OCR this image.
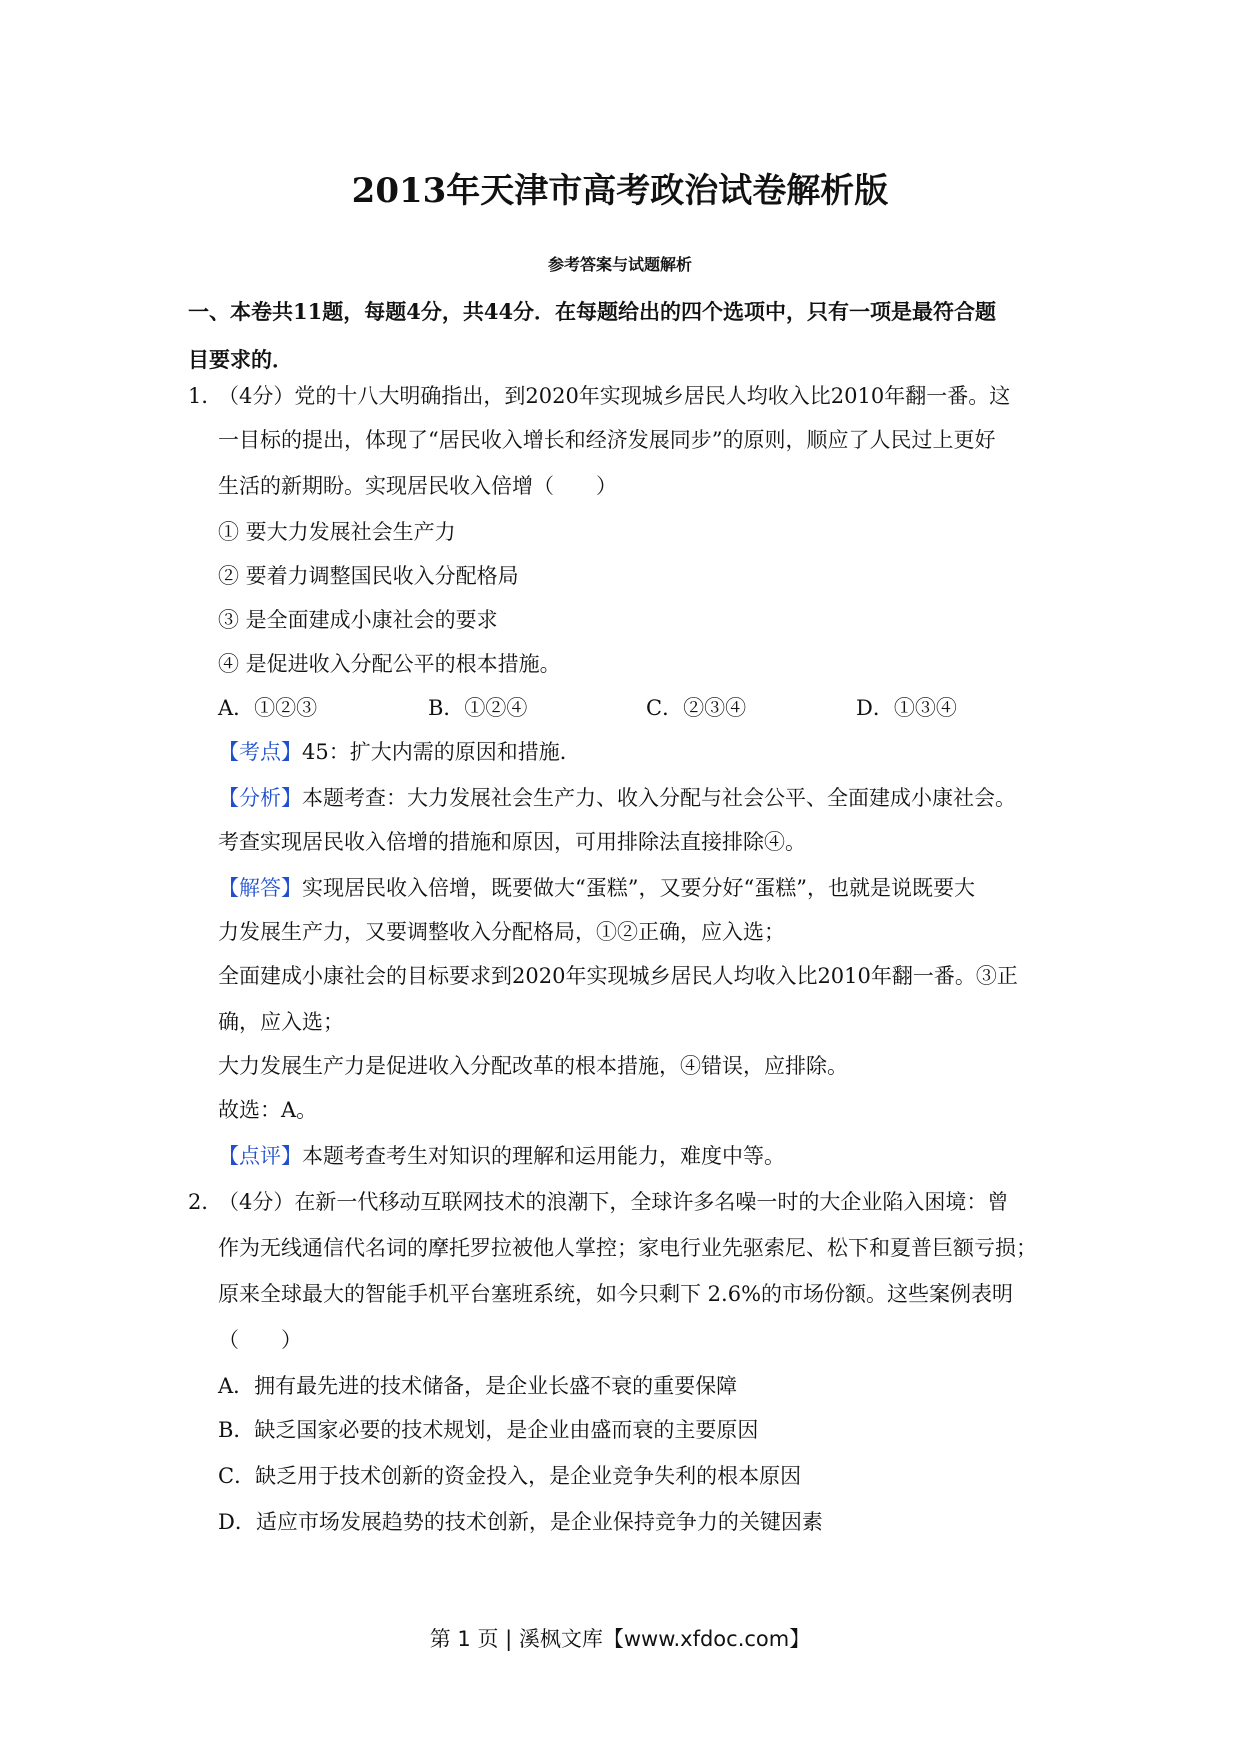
2013年天津市高考政治试卷解析版
参考答案与试题解析
一、本卷共11题，每题4分，共44分．在每题给出的四个选项中，只有一项是最符合题
目要求的．
1．（4分）党的十八大明确指出，到2020年实现城乡居民人均收入比2010年翻一番。这
一目标的提出，体现了“居民收入增长和经济发展同步”的原则，顺应了人民过上更好
生活的新期盼。实现居民收入倍增（　　）
① 要大力发展社会生产力
② 要着力调整国民收入分配格局
③ 是全面建成小康社会的要求
④ 是促进收入分配公平的根本措施。
A．①②③	B．①②④	C．②③④	D．①③④
【考点】45：扩大内需的原因和措施．
【分析】本题考查：大力发展社会生产力、收入分配与社会公平、全面建成小康社会。
考查实现居民收入倍增的措施和原因，可用排除法直接排除④。
【解答】实现居民收入倍增，既要做大“蛋糕”，又要分好“蛋糕”，也就是说既要大
力发展生产力，又要调整收入分配格局，①②正确，应入选；
全面建成小康社会的目标要求到2020年实现城乡居民人均收入比2010年翻一番。③正
确，应入选；
大力发展生产力是促进收入分配改革的根本措施，④错误，应排除。
故选：A。
【点评】本题考查考生对知识的理解和运用能力，难度中等。
2．（4分）在新一代移动互联网技术的浪潮下，全球许多名噪一时的大企业陷入困境：曾
作为无线通信代名词的摩托罗拉被他人掌控；家电行业先驱索尼、松下和夏普巨额亏损；
原来全球最大的智能手机平台塞班系统，如今只剩下 2.6%的市场份额。这些案例表明
（　　）
A．拥有最先进的技术储备，是企业长盛不衰的重要保障
B．缺乏国家必要的技术规划，是企业由盛而衰的主要原因
C．缺乏用于技术创新的资金投入，是企业竞争失利的根本原因
D．适应市场发展趋势的技术创新，是企业保持竞争力的关键因素
第 1 页 | 溪枫文库【www.xfdoc.com】
